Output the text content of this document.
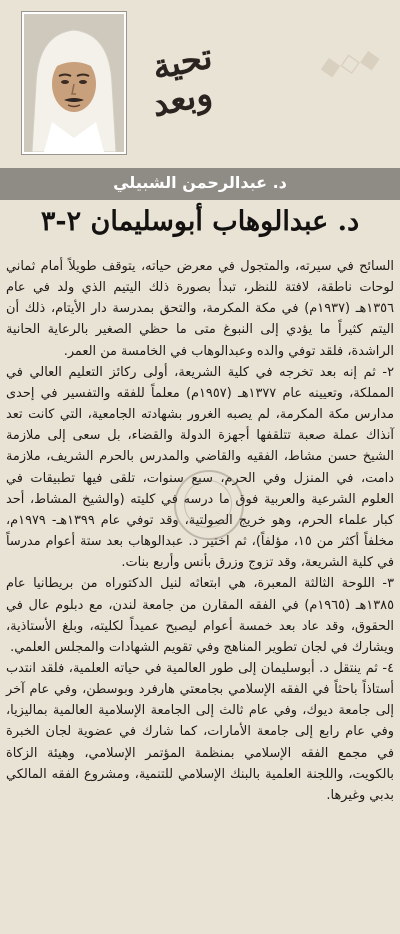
◆◇◆
تحية
وبعد
د. عبدالرحمن الشبيلي
د. عبدالوهاب أبوسليمان ٢-٣

السائح في سيرته، والمتجول في معرض حياته، يتوقف طويلاً أمام ثماني لوحات ناطقة، لافتة للنظر، تبدأ بصورة ذلك اليتيم الذي ولد في عام ١٣٥٦هـ (١٩٣٧م) في مكة المكرمة، والتحق بمدرسة دار الأيتام، ذلك أن اليتم كثيراً ما يؤدي إلى النبوغ متى ما حظي الصغير بالرعاية الحانية الراشدة، فلقد توفي والده وعبدالوهاب في الخامسة من العمر.

٢- ثم إنه بعد تخرجه في كلية الشريعة، أولى ركائز التعليم العالي في المملكة، وتعيينه عام ١٣٧٧هـ (١٩٥٧م) معلماً للفقه والتفسير في إحدى مدارس مكة المكرمة، لم يصبه الغرور بشهادته الجامعية، التي كانت تعد آنذاك عملة صعبة تتلقفها أجهزة الدولة والقضاء، بل سعى إلى ملازمة الشيخ حسن مشاط، الفقيه والقاضي والمدرس بالحرم الشريف، ملازمة دامت، في المنزل وفي الحرم، سبع سنوات، تلقى فيها تطبيقات في العلوم الشرعية والعربية فوق ما درسه في كليته (والشيخ المشاط، أحد كبار علماء الحرم، وهو خريج الصولتية، وقد توفي عام ١٣٩٩هـ- ١٩٧٩م، مخلفاً أكثر من ١٥، مؤلفاً)، ثم اختير د. عبدالوهاب بعد ستة أعوام مدرساً في كلية الشريعة، وقد تزوج وزرق بأنس وأربع بنات.

٣- اللوحة الثالثة المعبرة، هي ابتعاثه لنيل الدكتوراه من بريطانيا عام ١٣٨٥هـ (١٩٦٥م) في الفقه المقارن من جامعة لندن، مع دبلوم عال في الحقوق، وقد عاد بعد خمسة أعوام ليصبح عميداً لكليته، وبلغ الأستاذية، ويشارك في لجان تطوير المناهج وفي تقويم الشهادات والمجلس العلمي.

٤- ثم ينتقل د. أبوسليمان إلى طور العالمية في حياته العلمية، فلقد انتدب أستاذاً باحثاً في الفقه الإسلامي بجامعتي هارفرد وبوسطن، وفي عام آخر إلى جامعة ديوك، وفي عام ثالث إلى الجامعة الإسلامية العالمية بماليزيا، وفي عام رابع إلى جامعة الأمارات، كما شارك في عضوية لجان الخبرة في مجمع الفقه الإسلامي بمنظمة المؤتمر الإسلامي، وهيئة الزكاة بالكويت، واللجنة العلمية بالبنك الإسلامي للتنمية، ومشروع الفقه المالكي بدبي وغيرها.
